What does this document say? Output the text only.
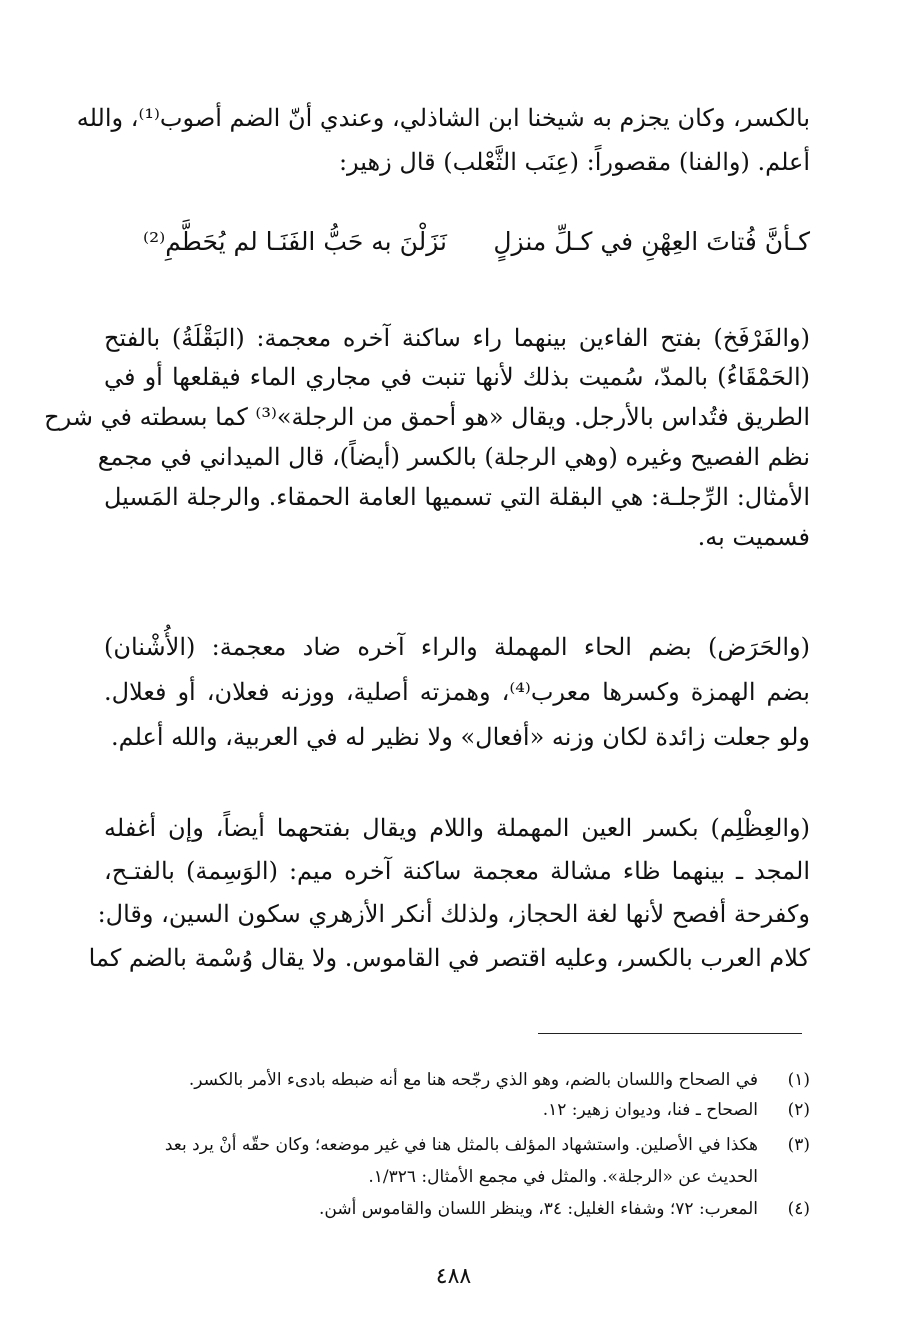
بالكسر، وكان يجزم به شيخنا ابن الشاذلي، وعندي أنّ الضم أصوب⁽¹⁾، والله

أعلم. (والفنا) مقصوراً: (عِنَب الثَّعْلب) قال زهير:

كـأنَّ فُتاتَ العِهْنِ في كـلِّ منزلٍ

نَزَلْنَ به حَبُّ الفَنَـا لم يُحَطَّمِ⁽²⁾

(والفَرْفَخ) بفتح الفاءين بينهما راء ساكنة آخره معجمة: (البَقْلَةُ) بالفتح

(الحَمْقَاءُ) بالمدّ، سُميت بذلك لأنها تنبت في مجاري الماء فيقلعها أو في

الطريق فتُداس بالأرجل. ويقال «هو أحمق من الرجلة»⁽³⁾ كما بسطته في شرح

نظم الفصيح وغيره (وهي الرجلة) بالكسر (أيضاً)، قال الميداني في مجمع

الأمثال: الرِّجلـة: هي البقلة التي تسميها العامة الحمقاء. والرجلة المَسيل

فسميت به.

(والحَرَض) بضم الحاء المهملة والراء آخره ضاد معجمة: (الأُشْنان)

بضم الهمزة وكسرها معرب⁽⁴⁾، وهمزته أصلية، ووزنه فعلان، أو فعلال.

ولو جعلت زائدة لكان وزنه «أفعال» ولا نظير له في العربية، والله أعلم.

(والعِظْلِم) بكسر العين المهملة واللام ويقال بفتحهما أيضاً، وإن أغفله

المجد ـ بينهما ظاء مشالة معجمة ساكنة آخره ميم: (الوَسِمة) بالفتـح،

وكفرحة أفصح لأنها لغة الحجاز، ولذلك أنكر الأزهري سكون السين، وقال:

كلام العرب بالكسر، وعليه اقتصر في القاموس. ولا يقال وُسْمة بالضم كما

(١)
في الصحاح واللسان بالضم، وهو الذي رجّحه هنا مع أنه ضبطه بادىء الأمر بالكسر.
(٢)
الصحاح ـ فنا، وديوان زهير: ١٢.
(٣)
هكذا في الأصلين. واستشهاد المؤلف بالمثل هنا في غير موضعه؛ وكان حقّه أنْ يرد بعد
الحديث عن «الرجلة». والمثل في مجمع الأمثال: ١/٣٢٦.
(٤)
المعرب: ٧٢؛ وشفاء الغليل: ٣٤، وينظر اللسان والقاموس أشن.
٤٨٨
